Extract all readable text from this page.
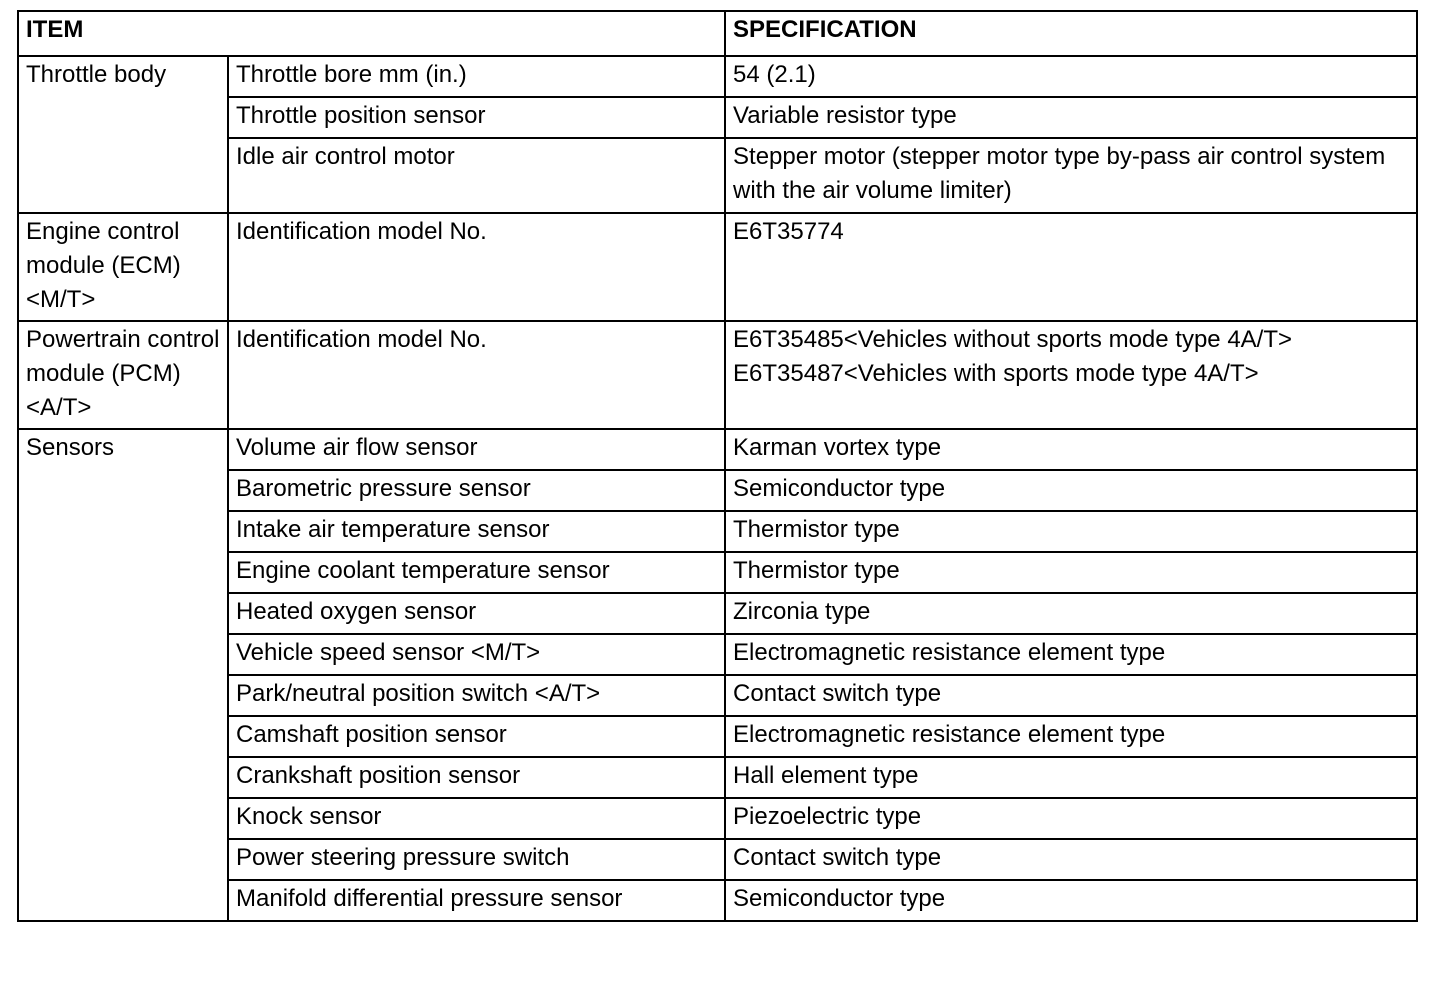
ITEM		SPECIFICATION
Throttle body	Throttle bore mm (in.)	54 (2.1)
	Throttle position sensor	Variable resistor type
	Idle air control motor	Stepper motor (stepper motor type by-pass air control system with the air volume limiter)
Engine control module (ECM) <M/T>	Identification model No.	E6T35774
Powertrain control module (PCM) <A/T>	Identification model No.	E6T35485<Vehicles without sports mode type 4A/T>
E6T35487<Vehicles with sports mode type 4A/T>

Sensors	Volume air flow sensor	Karman vortex type
	Barometric pressure sensor	Semiconductor type
	Intake air temperature sensor	Thermistor type
	Engine coolant temperature sensor	Thermistor type
	Heated oxygen sensor	Zirconia type
	Vehicle speed sensor <M/T>	Electromagnetic resistance element type
	Park/neutral position switch <A/T>	Contact switch type
	Camshaft position sensor	Electromagnetic resistance element type
	Crankshaft position sensor	Hall element type
	Knock sensor	Piezoelectric type
	Power steering pressure switch	Contact switch type
	Manifold differential pressure sensor	Semiconductor type
